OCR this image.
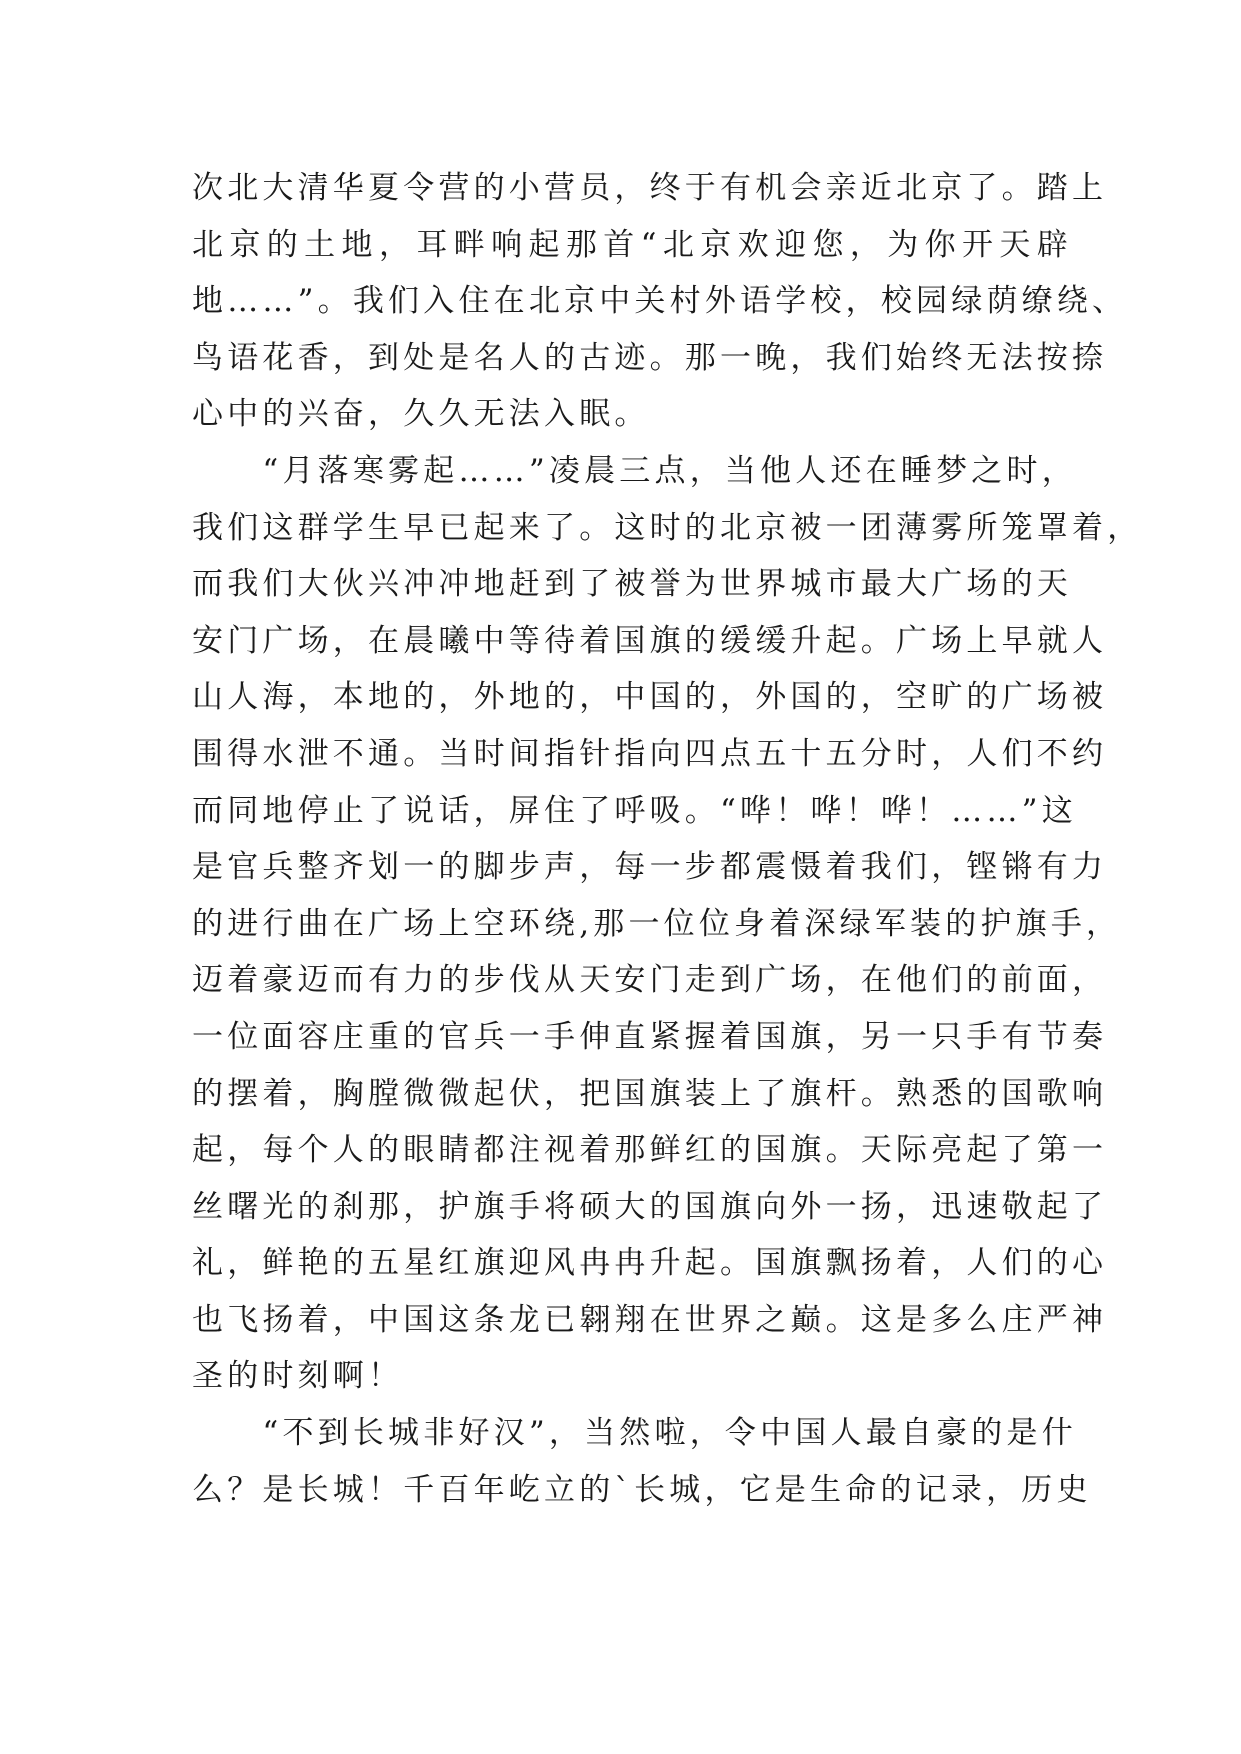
次北大清华夏令营的小营员，终于有机会亲近北京了。踏上
北京的土地，耳畔响起那首“北京欢迎您，为你开天辟
地……”。我们入住在北京中关村外语学校，校园绿荫缭绕、
鸟语花香，到处是名人的古迹。那一晚，我们始终无法按捺
心中的兴奋，久久无法入眠。
　　“月落寒雾起……”凌晨三点，当他人还在睡梦之时，
我们这群学生早已起来了。这时的北京被一团薄雾所笼罩着，
而我们大伙兴冲冲地赶到了被誉为世界城市最大广场的天
安门广场，在晨曦中等待着国旗的缓缓升起。广场上早就人
山人海，本地的，外地的，中国的，外国的，空旷的广场被
围得水泄不通。当时间指针指向四点五十五分时，人们不约
而同地停止了说话，屏住了呼吸。“哗！哗！哗！……”这
是官兵整齐划一的脚步声，每一步都震慑着我们，铿锵有力
的进行曲在广场上空环绕,那一位位身着深绿军装的护旗手，
迈着豪迈而有力的步伐从天安门走到广场，在他们的前面，
一位面容庄重的官兵一手伸直紧握着国旗，另一只手有节奏
的摆着，胸膛微微起伏，把国旗装上了旗杆。熟悉的国歌响
起，每个人的眼睛都注视着那鲜红的国旗。天际亮起了第一
丝曙光的刹那，护旗手将硕大的国旗向外一扬，迅速敬起了
礼，鲜艳的五星红旗迎风冉冉升起。国旗飘扬着，人们的心
也飞扬着，中国这条龙已翱翔在世界之巅。这是多么庄严神
圣的时刻啊！
　　“不到长城非好汉”，当然啦，令中国人最自豪的是什
么？是长城！千百年屹立的`长城，它是生命的记录，历史
